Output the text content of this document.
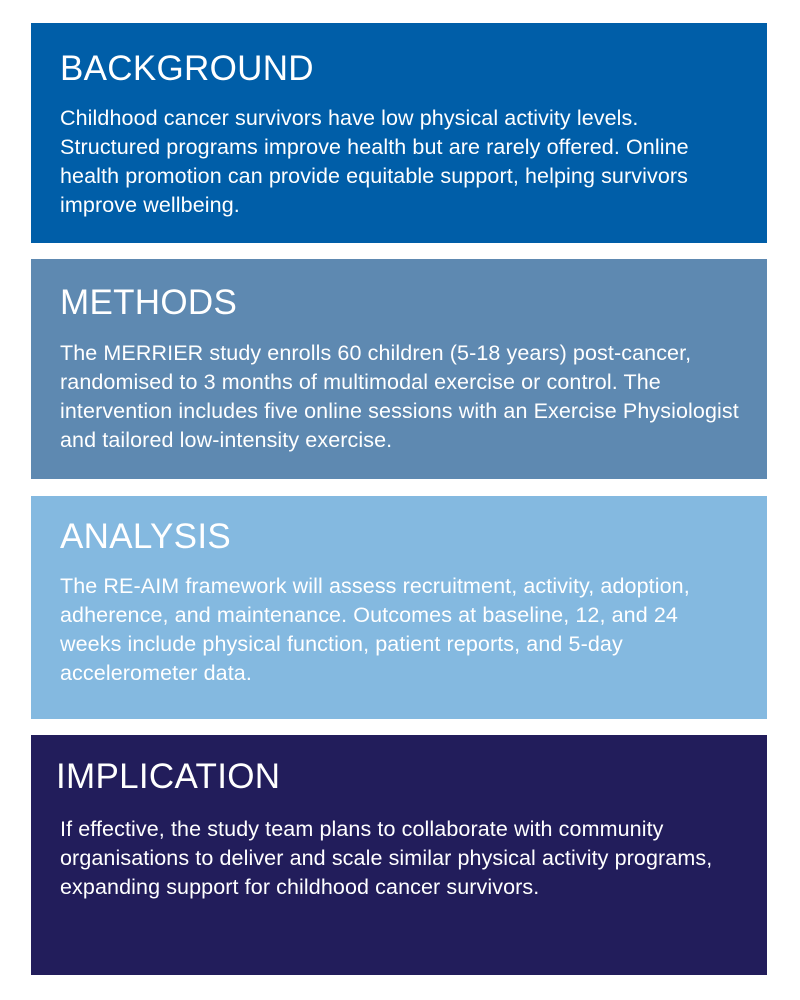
BACKGROUND

Childhood cancer survivors have low physical activity levels. Structured programs improve health but are rarely offered. Online health promotion can provide equitable support, helping survivors improve wellbeing.

METHODS

The MERRIER study enrolls 60 children (5-18 years) post-cancer, randomised to 3 months of multimodal exercise or control. The intervention includes five online sessions with an Exercise Physiologist and tailored low-intensity exercise.

ANALYSIS

The RE-AIM framework will assess recruitment, activity, adoption, adherence, and maintenance. Outcomes at baseline, 12, and 24 weeks include physical function, patient reports, and 5-day accelerometer data.

IMPLICATION

If effective, the study team plans to collaborate with community organisations to deliver and scale similar physical activity programs, expanding support for childhood cancer survivors.
